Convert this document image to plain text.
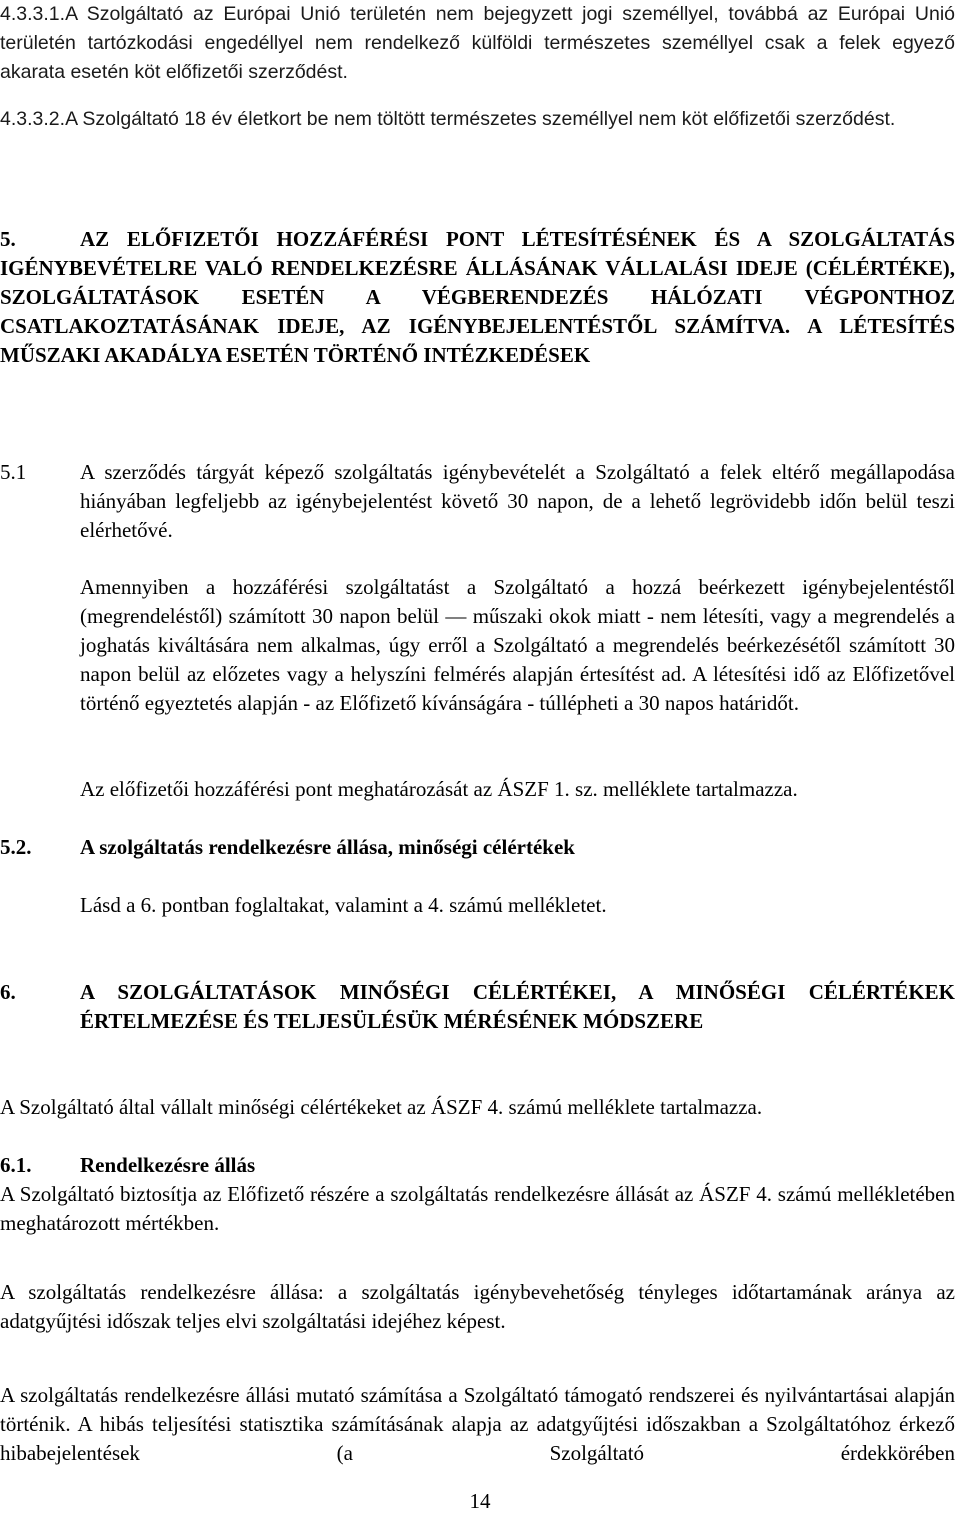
4.3.3.1.A Szolgáltató az Európai Unió területén nem bejegyzett jogi személlyel, továbbá az Európai Unió területén tartózkodási engedéllyel nem rendelkező külföldi természetes személlyel csak a felek egyező akarata esetén köt előfizetői szerződést.
4.3.3.2.A Szolgáltató 18 év életkort be nem töltött természetes személlyel nem köt előfizetői szerződést.
5.	AZ ELŐFIZETŐI HOZZÁFÉRÉSI PONT LÉTESÍTÉSÉNEK ÉS A SZOLGÁLTATÁS IGÉNYBEVÉTELRE VALÓ RENDELKEZÉSRE ÁLLÁSÁNAK VÁLLALÁSI IDEJE (CÉLÉRTÉKE), SZOLGÁLTATÁSOK ESETÉN A VÉGBERENDEZÉS HÁLÓZATI VÉGPONTHOZ CSATLAKOZTATÁSÁNAK IDEJE, AZ IGÉNYBEJELENTÉSTŐL SZÁMÍTVA. A LÉTESÍTÉS MŰSZAKI AKADÁLYA ESETÉN TÖRTÉNŐ INTÉZKEDÉSEK
5.1	A szerződés tárgyát képező szolgáltatás igénybevételét a Szolgáltató a felek eltérő megállapodása hiányában legfeljebb az igénybejelentést követő 30 napon, de a lehető legrövidebb időn belül teszi elérhetővé.
Amennyiben a hozzáférési szolgáltatást a Szolgáltató a hozzá beérkezett igénybejelentéstől (megrendeléstől) számított 30 napon belül — műszaki okok miatt - nem létesíti, vagy a megrendelés a joghatás kiváltására nem alkalmas, úgy erről a Szolgáltató a megrendelés beérkezésétől számított 30 napon belül az előzetes vagy a helyszíni felmérés alapján értesítést ad. A létesítési idő az Előfizetővel történő egyeztetés alapján - az Előfizető kívánságára - túllépheti a 30 napos határidőt.
Az előfizetői hozzáférési pont meghatározását az ÁSZF 1. sz. melléklete tartalmazza.
5.2. A szolgáltatás rendelkezésre állása, minőségi célértékek
Lásd a 6. pontban foglaltakat, valamint a 4. számú mellékletet.
6.	A SZOLGÁLTATÁSOK MINŐSÉGI CÉLÉRTÉKEI, A MINŐSÉGI CÉLÉRTÉKEK ÉRTELMEZÉSE ÉS TELJESÜLÉSÜK MÉRÉSÉNEK MÓDSZERE
A Szolgáltató által vállalt minőségi célértékeket az ÁSZF 4. számú melléklete tartalmazza.
6.1. Rendelkezésre állás
A Szolgáltató biztosítja az Előfizető részére a szolgáltatás rendelkezésre állását az ÁSZF 4. számú mellékletében meghatározott mértékben.
A szolgáltatás rendelkezésre állása: a szolgáltatás igénybevehetőség tényleges időtartamának aránya az adatgyűjtési időszak teljes elvi szolgáltatási idejéhez képest.
A szolgáltatás rendelkezésre állási mutató számítása a Szolgáltató támogató rendszerei és nyilvántartásai alapján történik. A hibás teljesítési statisztika számításának alapja az adatgyűjtési időszakban a Szolgáltatóhoz érkező hibabejelentések (a Szolgáltató érdekkörében
14
